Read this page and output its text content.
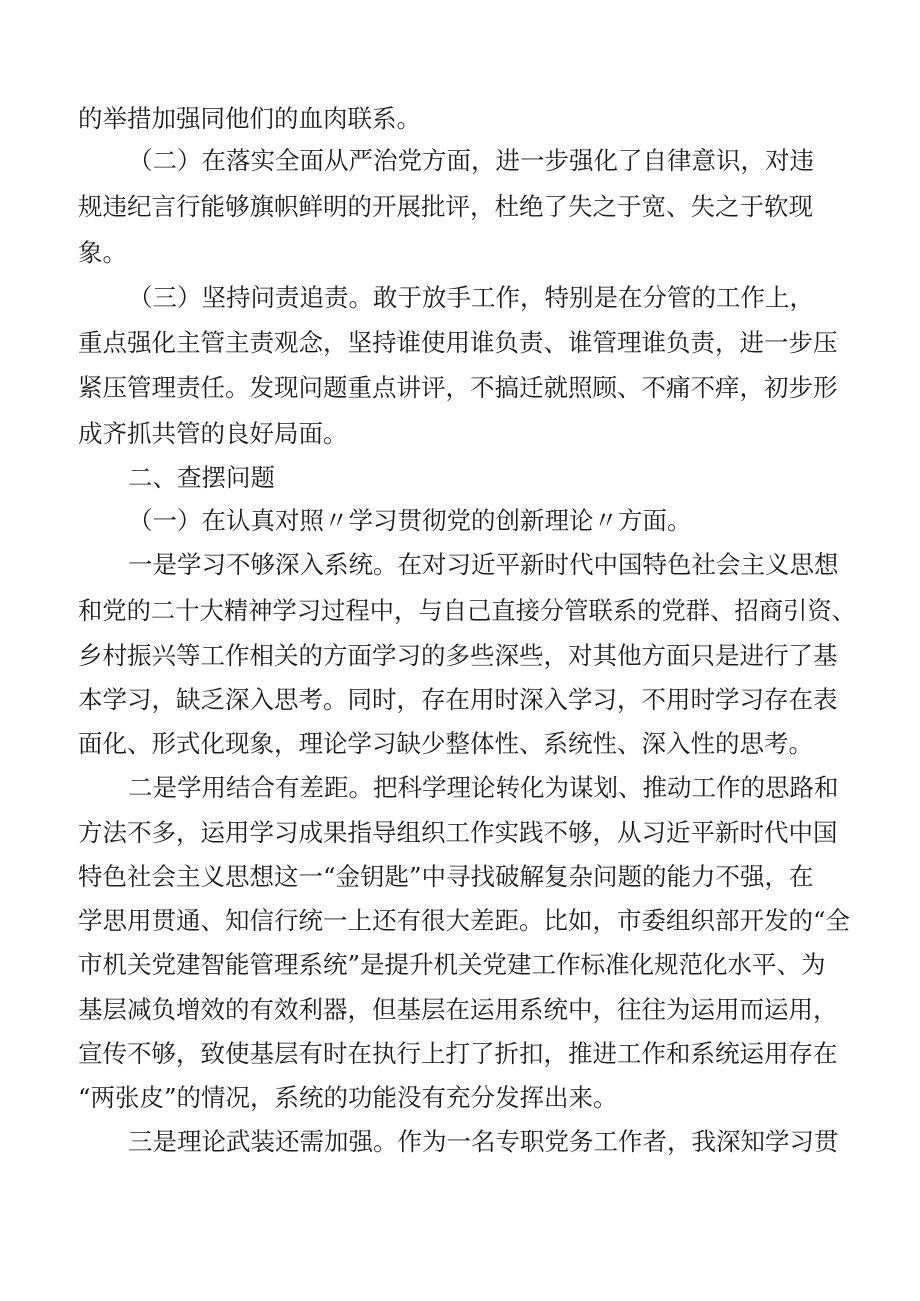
的举措加强同他们的血肉联系。
（二）在落实全面从严治党方面，进一步强化了自律意识，对违
规违纪言行能够旗帜鲜明的开展批评，杜绝了失之于宽、失之于软现
象。
（三）坚持问责追责。敢于放手工作，特别是在分管的工作上，
重点强化主管主责观念，坚持谁使用谁负责、谁管理谁负责，进一步压
紧压管理责任。发现问题重点讲评，不搞迁就照顾、不痛不痒，初步形
成齐抓共管的良好局面。
二、查摆问题
（一）在认真对照〃学习贯彻党的创新理论〃方面。
一是学习不够深入系统。在对习近平新时代中国特色社会主义思想
和党的二十大精神学习过程中，与自己直接分管联系的党群、招商引资、
乡村振兴等工作相关的方面学习的多些深些，对其他方面只是进行了基
本学习，缺乏深入思考。同时，存在用时深入学习，不用时学习存在表
面化、形式化现象，理论学习缺少整体性、系统性、深入性的思考。
二是学用结合有差距。把科学理论转化为谋划、推动工作的思路和
方法不多，运用学习成果指导组织工作实践不够，从习近平新时代中国
特色社会主义思想这一“金钥匙”中寻找破解复杂问题的能力不强，在
学思用贯通、知信行统一上还有很大差距。比如，市委组织部开发的“全
市机关党建智能管理系统”是提升机关党建工作标准化规范化水平、为
基层减负增效的有效利器，但基层在运用系统中，往往为运用而运用，
宣传不够，致使基层有时在执行上打了折扣，推进工作和系统运用存在
“两张皮”的情况，系统的功能没有充分发挥出来。
三是理论武装还需加强。作为一名专职党务工作者，我深知学习贯
